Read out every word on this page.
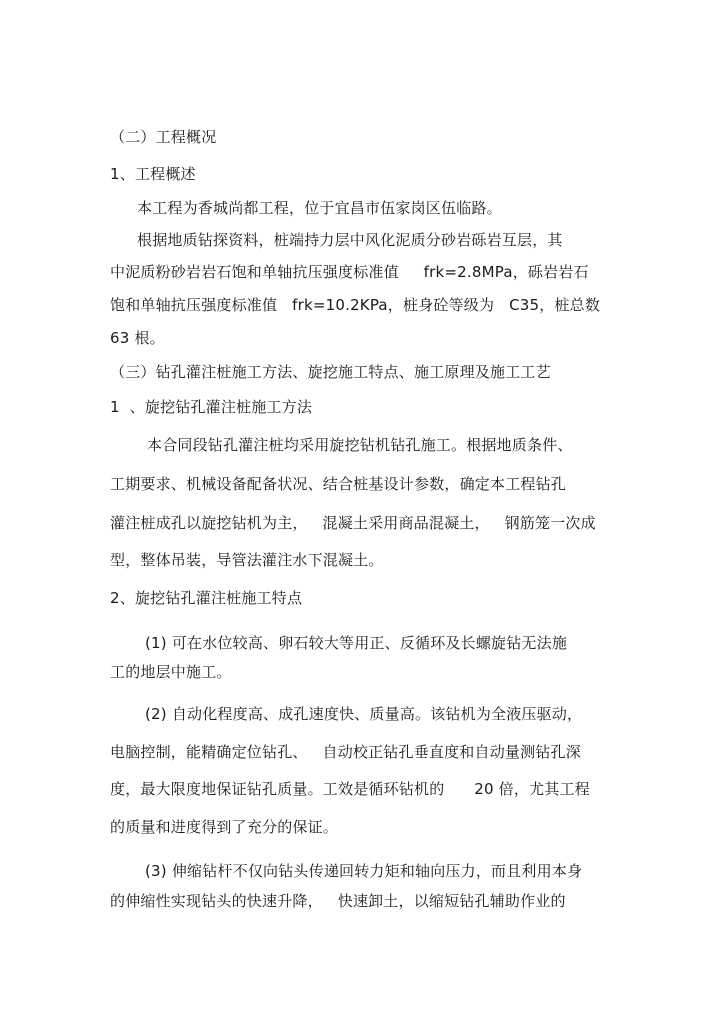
（二）工程概况
1、工程概述
本工程为香城尚都工程，位于宜昌市伍家岗区伍临路。
根据地质钻探资料，桩端持力层中风化泥质分砂岩砾岩互层，其
中泥质粉砂岩岩石饱和单轴抗压强度标准值     frk=2.8MPa，砾岩岩石
饱和单轴抗压强度标准值   frk=10.2KPa，桩身砼等级为   C35，桩总数
63 根。
（三）钻孔灌注桩施工方法、旋挖施工特点、施工原理及施工工艺
1  、旋挖钻孔灌注桩施工方法
本合同段钻孔灌注桩均采用旋挖钻机钻孔施工。根据地质条件、
工期要求、机械设备配备状况、结合桩基设计参数，确定本工程钻孔
灌注桩成孔以旋挖钻机为主，   混凝土采用商品混凝土，   钢筋笼一次成
型，整体吊装，导管法灌注水下混凝土。
2、旋挖钻孔灌注桩施工特点
(1) 可在水位较高、卵石较大等用正、反循环及长螺旋钻无法施
工的地层中施工。
(2) 自动化程度高、成孔速度快、质量高。该钻机为全液压驱动，
电脑控制，能精确定位钻孔、   自动校正钻孔垂直度和自动量测钻孔深
度，最大限度地保证钻孔质量。工效是循环钻机的      20 倍，尤其工程
的质量和进度得到了充分的保证。
(3) 伸缩钻杆不仅向钻头传递回转力矩和轴向压力，而且利用本身
的伸缩性实现钻头的快速升降，   快速卸土，以缩短钻孔辅助作业的
